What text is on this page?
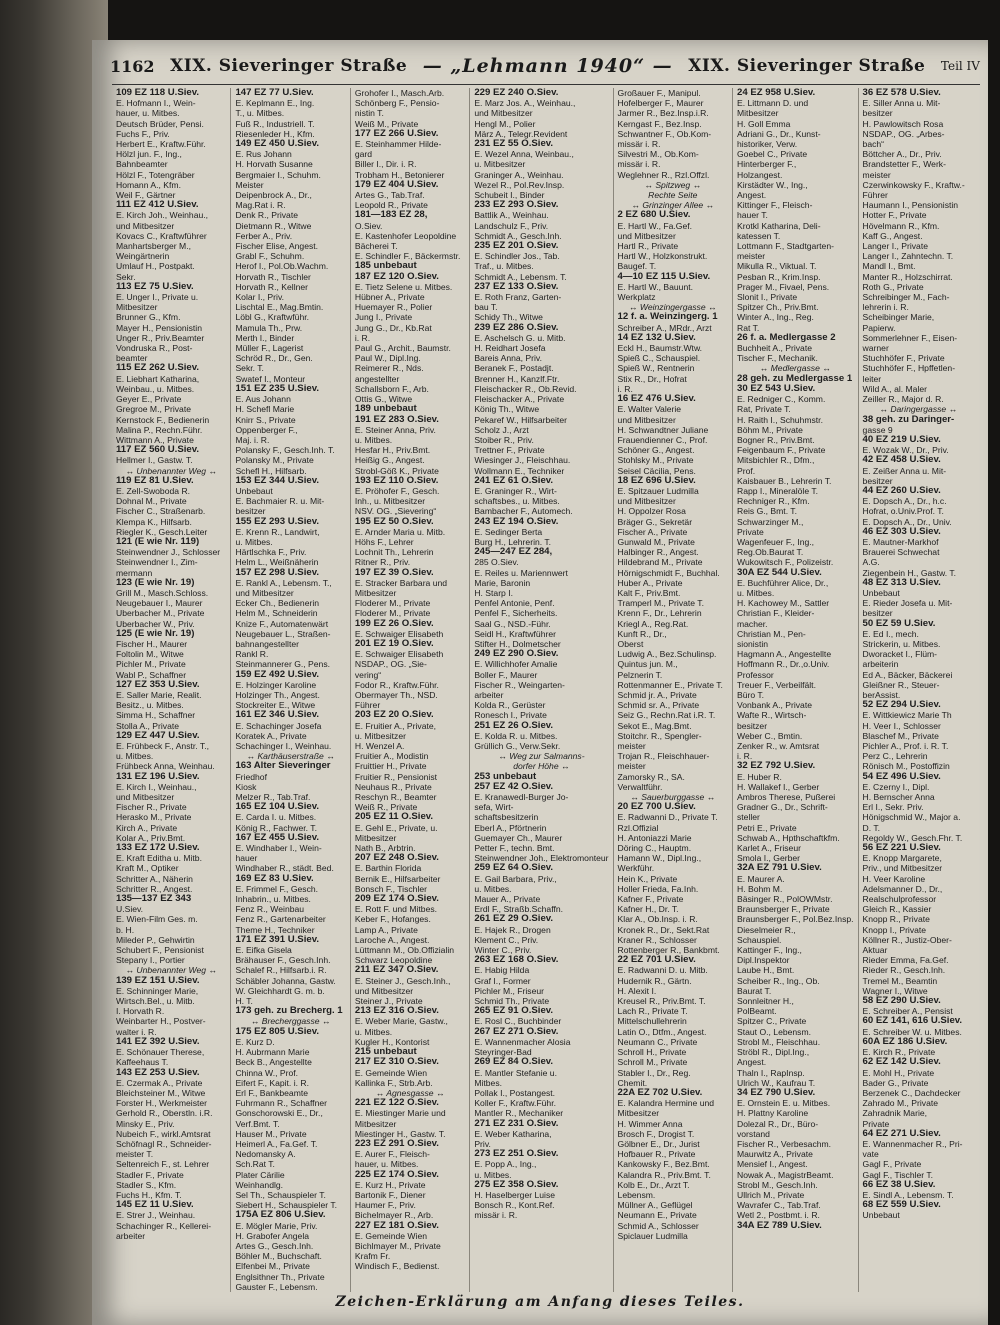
1162 XIX. Sieveringer Straße — „Lehmann 1940“ — XIX. Sieveringer Straße Teil IV
109 EZ 118 U.Siev.
E. Hofmann I., Wein-
hauer, u. Mitbes.
Deutsch Brüder, Pensi.
Fuchs F., Priv.
Herbert E., Kraftw.Führ.
Hölzl jun. F., Ing.,
Bahnbeamter
Hölzl F., Totengräber
Homann A., Kfm.
Weil F., Gärtner
111 EZ 412 U.Siev.
E. Kirch Joh., Weinhau.,
und Mitbesitzer
Kovacs C., Kraftwführer
Manhartsberger M.,
Weingärtnerin
Umlauf H., Postpakt.
Sekr.
113 EZ 75 U.Siev.
E. Unger I., Private u.
Mitbesitzer
Brunner G., Kfm.
Mayer H., Pensionistin
Unger R., Priv.Beamter
Vondruska R., Post-
beamter
115 EZ 262 U.Siev.
E. Liebhart Katharina,
Weinbau., u. Mitbes.
Geyer E., Private
Gregroe M., Private
Kernstock F., Bedienerin
Malina P., Rechn.Führ.
Wittmann A., Private
117 EZ 560 U.Siev.
Hellmer I., Gastw. T.
↔ Unbenannter Weg ↔
119 EZ 81 U.Siev.
E. Zell-Swoboda R.
Dohnal M., Private
Fischer C., Straßenarb.
Klempa K., Hilfsarb.
Riegler K., Gesch.Leiter
121 (E wie Nr. 119)
Steinwendner J., Schlosser
Steinwendner I., Zim-
mermann
123 (E wie Nr. 19)
Grill M., Masch.Schloss.
Neugebauer I., Maurer
Uberbacher M., Private
Uberbacher W., Priv.
125 (E wie Nr. 19)
Fischer H., Maurer
Foltolin M., Witwe
Pichler M., Private
Wabl P., Schaffner
127 EZ 353 U.Siev.
E. Saller Marie, Realit.
Besitz., u. Mitbes.
Simma H., Schaffner
Stolla A., Private
129 EZ 447 U.Siev.
E. Frühbeck F., Anstr. T.,
u. Mitbes.
Frühbeck Anna, Weinhau.
131 EZ 196 U.Siev.
E. Kirch I., Weinhau.,
und Mitbesitzer
Fischer R., Private
Herasko M., Private
Kirch A., Private
Kolar A., Priv.Bmt.
133 EZ 172 U.Siev.
E. Kraft Editha u. Mitb.
Kraft M., Optiker
Schritter A., Näherin
Schritter R., Angest.
135—137 EZ 343
U.Siev.
E. Wien-Film Ges. m.
b. H.
Mileder P., Gehwirtin
Schubert F., Pensionist
Stepany I., Portier
↔ Unbenannter Weg ↔
139 EZ 151 U.Siev.
E. Schinninger Marie,
Wirtsch.Bel., u. Mitb.
I. Horvath R.
Weinbarter H., Postver-
walter i. R.
141 EZ 392 U.Siev.
E. Schönauer Therese,
Kaffeehaus T.
143 EZ 253 U.Siev.
E. Czermak A., Private
Bleichsteiner M., Witwe
Forster H., Werkmeister
Gerhold R., Oberstln. i.R.
Minsky E., Priv.
Nubeich F., wirkl.Amtsrat
Schöfnagl R., Schneider-
meister T.
Seltenreich F., st. Lehrer
Stadler F., Private
Stadler S., Kfm.
Fuchs H., Kfm. T.
145 EZ 11 U.Siev.
E. Strer J., Weinhau.
Schachinger R., Kellerei-
arbeiter
147 EZ 77 U.Siev.
E. Keplmann E., Ing.
T., u. Mitbes.
Fuß R., Industriell. T.
Riesenleder H., Kfm.
149 EZ 450 U.Siev.
E. Rus Johann
H. Horvath Susanne
Bergmaier I., Schuhm.
Meister
Deipenbrock A., Dr.,
Mag.Rat i. R.
Denk R., Private
Dietmann R., Witwe
Ferber A., Priv.
Fischer Elise, Angest.
Grabl F., Schuhm.
Herof I., Pol.Ob.Wachm.
Horvath R., Tischler
Horvath R., Kellner
Kolar I., Priv.
Lischtal E., Mag.Bmtin.
Löbl G., Kraftwführ.
Mamula Th., Prw.
Merth I., Binder
Müller F., Lagerist
Schröd R., Dr., Gen.
Sekr. T.
Swatef I., Monteur
151 EZ 235 U.Siev.
E. Aus Johann
H. Schefl Marie
Knirr S., Private
Oppenberger F.,
Maj. i. R.
Polansky F., Gesch.Inh. T.
Polansky M., Private
Schefl H., Hilfsarb.
153 EZ 344 U.Siev.
Unbebaut
E. Bachmaier R. u. Mit-
besitzer
155 EZ 293 U.Siev.
E. Krenn R., Landwirt,
u. Mitbes.
Härtlschka F., Priv.
Helm L., Weißnäherin
157 EZ 298 U.Siev.
E. Rankl A., Lebensm. T.,
und Mitbesitzer
Ecker Ch., Bedienerin
Helm M., Schneiderin
Knize F., Automatenwärt
Neugebauer L., Straßen-
bahnangestellter
Rankl R.
Steinmannerer G., Pens.
159 EZ 492 U.Siev.
E. Holzinger Karoline
Holzinger Th., Angest.
Stockreiter E., Witwe
161 EZ 346 U.Siev.
E. Schachinger Josefa
Koratek A., Private
Schachinger I., Weinhau.
↔ Karthäuserstraße ↔
163 Alter Sieveringer
Friedhof
Kiosk
Melzer R., Tab.Traf.
165 EZ 104 U.Siev.
E. Carda I. u. Mitbes.
König R., Fachwer. T.
167 EZ 455 U.Siev.
E. Windhaber I., Wein-
hauer
Windhaber R., städt. Bed.
169 EZ 83 U.Siev.
E. Frimmel F., Gesch.
Inhabrin., u. Mitbes.
Fenz R., Weinbau
Fenz R., Gartenarbeiter
Theme H., Techniker
171 EZ 391 U.Siev.
E. Eifka Gisela
Brähauser F., Gesch.Inh.
Schalef R., Hilfsarb.i. R.
Schäbler Johanna, Gastw.
W. Gleichhardt G. m. b.
H. T.
173 geh. zu Brecherg. 1
↔ Brecherggasse ↔
175 EZ 805 U.Siev.
E. Kurz D.
H. Aubrmann Marie
Beck B., Angestellte
Chinna W., Prof.
Eifert F., Kapit. i. R.
Erl F., Bankbeamte
Fuhrmann R., Schaffner
Gonschorowski E., Dr.,
Verf.Bmt. T.
Hauser M., Private
Heimerl A., Fa.Gef. T.
Nedomansky A.
Sch.Rat T.
Plater Cärilie
Weinhandlg.
Sel Th., Schauspieler T.
Siebert H., Schauspieler T.
175A EZ 806 U.Siev.
E. Mögler Marie, Priv.
H. Grabofer Angela
Artes G., Gesch.Inh.
Böhler M., Buchschaft.
Elfenbei M., Private
Englsithner Th., Private
Gauster F., Lebensm.
Grohofer I., Masch.Arb.
Schönberg F., Pensio-
nistin T.
Weiß M., Private
177 EZ 266 U.Siev.
E. Steinhammer Hilde-
gard
Biller I., Dir. i. R.
Trobham H., Betonierer
179 EZ 404 U.Siev.
Artes G., Tab.Traf.
Leopold R., Private
181—183 EZ 28,
O.Siev.
E. Kastenhofer Leopoldine
Bächerei T.
E. Schindler F., Bäckermstr.
185 unbebaut
187 EZ 120 O.Siev.
E. Tietz Selene u. Mitbes.
Hübner A., Private
Huemayer R., Polier
Jung I., Private
Jung G., Dr., Kb.Rat
i. R.
Paul G., Archit., Baumstr.
Paul W., Dipl.Ing.
Reimerer R., Nds.
angestellter
Schallsborn F., Arb.
Ottis G., Witwe
189 unbebaut
191 EZ 283 O.Siev.
E. Steiner Anna, Priv.
u. Mitbes.
Hesfar H., Priv.Bmt.
Heißig G., Angest.
Strobl-Göß K., Private
193 EZ 110 O.Siev.
E. Pröhofer F., Gesch.
Inh., u. Mitbesitzer
NSV. OG. „Sievering“
195 EZ 50 O.Siev.
E. Arnder Maria u. Mitb.
Höhs F., Lehrer
Lochnit Th., Lehrerin
Ritner R., Priv.
197 EZ 39 O.Siev.
E. Stracker Barbara und
Mitbesitzer
Floderer M., Private
Floderer M., Private
199 EZ 26 O.Siev.
E. Schwaiger Elisabeth
201 EZ 19 O.Siev.
E. Schwaiger Elisabeth
NSDAP., OG. „Sie-
vering“
Fodor R., Kraftw.Führ.
Obermayer Th., NSD.
Führer
203 EZ 20 O.Siev.
E. Fruitier A., Private,
u. Mitbesitzer
H. Wenzel A.
Fruitier A., Modistin
Fruittier H., Private
Fruitier R., Pensionist
Neuhaus R., Private
Reschyn R., Beamter
Weiß R., Private
205 EZ 11 O.Siev.
E. Gehl E., Private, u.
Mitbesitzer
Nath B., Arbtrin.
207 EZ 248 O.Siev.
E. Barthin Florida
Bernik E., Hilfsarbeiter
Bonsch F., Tischler
209 EZ 174 O.Siev.
E. Rott F. und Mitbes.
Keber F., Hofanges.
Lamp A., Private
Laroche A., Angest.
Lüttmann M., Ob.Offizialin
Schwarz Leopoldine
211 EZ 347 O.Siev.
E. Steiner J., Gesch.Inh.,
und Mitbesitzer
Steiner J., Private
213 EZ 316 O.Siev.
E. Weber Marie, Gastw.,
u. Mitbes.
Kugler H., Kontorist
215 unbebaut
217 EZ 310 O.Siev.
E. Gemeinde Wien
Kallinka F., Strb.Arb.
↔ Agnesgasse ↔
221 EZ 122 O.Siev.
E. Miestinger Marie und
Mitbesitzer
Miestinger H., Gastw. T.
223 EZ 291 O.Siev.
E. Aurer F., Fleisch-
hauer, u. Mitbes.
225 EZ 174 O.Siev.
E. Kurz H., Private
Bartonik F., Diener
Haumer F., Priv.
Bichelmayer R., Arb.
227 EZ 181 O.Siev.
E. Gemeinde Wien
Bichlmayer M., Private
Krafm Fr.
Windisch F., Bedienst.
229 EZ 240 O.Siev.
E. Marz Jos. A., Weinhau.,
und Mitbesitzer
Hengl M., Polier
März A., Telegr.Revident
231 EZ 55 O.Siev.
E. Wezel Anna, Weinbau.,
u. Mitbesitzer
Graninger A., Weinhau.
Wezel R., Pol.Rev.Insp.
Schubeit I., Binder
233 EZ 293 O.Siev.
Battlik A., Weinhau.
Landschulz F., Priv.
Schmidt A., Gesch.Inh.
235 EZ 201 O.Siev.
E. Schindler Jos., Tab.
Traf., u. Mitbes.
Schmidt A., Lebensm. T.
237 EZ 133 O.Siev.
E. Roth Franz, Garten-
bau T.
Schidy Th., Witwe
239 EZ 286 O.Siev.
E. Aschelsch G. u. Mitb.
H. Reidhart Josefa
Bareis Anna, Priv.
Beranek F., Postadjt.
Brenner H., Kanzlf.Ftr.
Fleischacker R., Ob.Revid.
Fleischacker A., Private
König Th., Witwe
Pekaref W., Hilfsarbeiter
Scholz J., Arzt
Stoiber R., Priv.
Trettner F., Private
Wiesinger J., Fleischhau.
Wollmann E., Techniker
241 EZ 61 O.Siev.
E. Graninger R., Wirt-
schaftsbes., u. Mitbes.
Bambacher F., Automech.
243 EZ 194 O.Siev.
E. Sedinger Berta
Burg H., Lehrerin. T.
245—247 EZ 284,
285 O.Siev.
E. Reiles u. Mariennwert
Marie, Baronin
H. Starp I.
Penfel Antonie, Penf.
Penfel F., Sicherheits.
Saal G., NSD.-Führ.
Seidl H., Kraftwführer
Stifter H., Dolmetscher
249 EZ 290 O.Siev.
E. Willichhofer Amalie
Boller F., Maurer
Fischer R., Weingarten-
arbeiter
Kolda R., Gerüster
Ronesch I., Private
251 EZ 26 O.Siev.
E. Kolda R. u. Mitbes.
Grüllich G., Verw.Sekr.
↔ Weg zur Salmanns-
dorfer Höhe ↔
253 unbebaut
257 EZ 42 O.Siev.
E. Kranawedl-Burger Jo-
sefa, Wirt-
schaftsbesitzerin
Eberl A., Pförtnerin
Guemayer Ch., Maurer
Petter F., techn. Bmt.
Steinwendner Joh., Elektromonteur
259 EZ 64 O.Siev.
E. Gail Barbara, Priv.,
u. Mitbes.
Mauer A., Private
Erdl F., Straßb.Schaffn.
261 EZ 29 O.Siev.
E. Hajek R., Drogen
Klement C., Priv.
Winter C., Priv.
263 EZ 168 O.Siev.
E. Habig Hilda
Graf I., Former
Pichler M., Friseur
Schmid Th., Private
265 EZ 91 O.Siev.
E. Rosl C., Buchbinder
267 EZ 271 O.Siev.
E. Wannenmacher Alosia
Steyringer-Bad
269 EZ 84 O.Siev.
E. Mantler Stefanie u.
Mitbes.
Pollak I., Postangest.
Koller F., Kraftw.Führ.
Mantler R., Mechaniker
271 EZ 231 O.Siev.
E. Weber Katharina,
Priv.
273 EZ 251 O.Siev.
E. Popp A., Ing.,
u. Mitbes.
275 EZ 358 O.Siev.
H. Haselberger Luise
Bonsch R., Kont.Ref.
missär i. R.
Großauer F., Manipul.
Hofelberger F., Maurer
Jarmer R., Bez.Insp.i.R.
Kerngast F., Bez.Insp.
Schwantner F., Ob.Kom-
missär i. R.
Silvestri M., Ob.Kom-
missär i. R.
Weglehner R., Rzl.Offzl.
↔ Spitzweg ↔
Rechte Seite
↔ Grinzinger Allee ↔
2 EZ 680 U.Siev.
E. Hartl W., Fa.Gef.
und Mitbesitzer
Hartl R., Private
Hartl W., Holzkonstrukt.
Baugef. T.
4—10 EZ 115 U.Siev.
E. Hartl W., Bauunt.
Werkplatz
↔ Weinzingergasse ↔
12 f. a. Weinzingerg. 1
Schreiber A., MRdr., Arzt
14 EZ 132 U.Siev.
Eckl H., Baumstr.Wtw.
Spieß C., Schauspiel.
Spieß W., Rentnerin
Stix R., Dr., Hofrat
i. R.
16 EZ 476 U.Siev.
E. Walter Valerie
und Mitbesitzer
H. Schwandtner Juliane
Frauendienner C., Prof.
Schöner G., Angest.
Stohlsky M., Private
Seisel Cäcilia, Pens.
18 EZ 696 U.Siev.
E. Spitzauer Ludmilla
und Mitbesitzer
H. Oppolzer Rosa
Bräger G., Sekretär
Fischer A., Private
Gunwald M., Private
Halbinger R., Angest.
Hildebrand M., Private
Hörnigschmidt F., Buchhal.
Huber A., Private
Kalt F., Priv.Bmt.
Tramperl M., Private T.
Krenn F., Dr., Lehrerin
Kriegl A., Reg.Rat.
Kunft R., Dr.,
Oberst
Ludwig A., Bez.Schulinsp.
Quintus jun. M.,
Pelznerin T.
Rottenmanner E., Private T.
Schmid jr. A., Private
Schmid sr. A., Private
Seiz G., Rechn.Rat i.R. T.
Sekot E., Mag.Bmt.
Stoitchr. R., Spengler-
meister
Trojan R., Fleischhauer-
meister
Zamorsky R., SA.
Verwaltführ.
↔ Sauerburggasse ↔
20 EZ 700 U.Siev.
E. Radwanni D., Private T.
Rzl.Offizial
H. Antoniazzi Marie
Döring C., Hauptm.
Hamann W., Dipl.Ing.,
Werkführ.
Hein K., Private
Holler Frieda, Fa.Inh.
Kafner F., Private
Kafner H., Dr. T.
Klar A., Ob.Insp. i. R.
Kronek R., Dr., Sekt.Rat
Kraner R., Schlosser
Rottenberger R., Bankbmt.
22 EZ 701 U.Siev.
E. Radwanni D. u. Mitb.
Hudernik R., Gärtn.
H. Alexit I.
Kreusel R., Priv.Bmt. T.
Lach R., Private T.
Mittelschullehrerin
Latin O., Dtfm., Angest.
Neumann C., Private
Schroll H., Private
Schroll M., Private
Stabler I., Dr., Reg.
Chemit.
22A EZ 702 U.Siev.
E. Kalandra Hermine und
Mitbesitzer
H. Wimmer Anna
Brosch F., Drogist T.
Gölbner E., Dr., Jurist
Hofbauer R., Private
Kankowsky F., Bez.Bmt.
Kalandra R., Priv.Bmt. T.
Kolb E., Dr., Arzt T.
Lebensm.
Müllner A., Geflügel
Neumann E., Private
Schmid A., Schlosser
Spiclauer Ludmilla
24 EZ 958 U.Siev.
E. Littmann D. und
Mitbesitzer
H. Goll Emma
Adriani G., Dr., Kunst-
historiker, Verw.
Goebel C., Private
Hinterberger F.,
Holzangest.
Kirstädter W., Ing.,
Angest.
Kittinger F., Fleisch-
hauer T.
Krotkl Katharina, Deli-
katessen T.
Lottmann F., Stadtgarten-
meister
Mikulla R., Viktual. T.
Pesban R., Krim.Insp.
Prager M., Fivael, Pens.
Slonit I., Private
Spitzer Ch., Priv.Bmt.
Winter A., Ing., Reg.
Rat T.
26 f. a. Medlergasse 2
Buchheit A., Private
Tischer F., Mechanik.
↔ Medlergasse ↔
28 geh. zu Medlergasse 1
30 EZ 543 U.Siev.
E. Redniger C., Komm.
Rat, Private T.
H. Raith I., Schuhmstr.
Böhm M., Private
Bogner R., Priv.Bmt.
Feigenbaum F., Private
Mitsbichler R., Dfm.,
Prof.
Kaisbauer B., Lehrerin T.
Rapp I., Mineralöle T.
Rechniger R., Kfm.
Reis G., Bmt. T.
Schwarzinger M.,
Private
Wagenfeuer F., Ing.,
Reg.Ob.Baurat T.
Wukowitsch F., Polizeistr.
30A EZ 544 U.Siev.
E. Buchführer Alice, Dr.,
u. Mitbes.
H. Kachowey M., Sattler
Christian F., Kleider-
macher.
Christian M., Pen-
sionistin
Hagmann A., Angestellte
Hoffmann R., Dr.,o.Univ.
Professor
Treuer F., Verbeilfält.
Büro T.
Vonbank A., Private
Wafte R., Wirtsch-
besitzer
Weber C., Bmtin.
Zenker R., w. Amtsrat
i. R.
32 EZ 792 U.Siev.
E. Huber R.
H. Wallakef I., Gerber
Ambros Therese, Pußerei
Gradner G., Dr., Schrift-
steller
Petri E., Private
Schwab A., Hpthschaftkfm.
Karlet A., Friseur
Smola I., Gerber
32A EZ 791 U.Siev.
E. Maurer A.
H. Bohm M.
Bäsinger R., PolOWMstr.
Braunsberger F., Private
Braunsberger F., Pol.Bez.Insp.
Dieselmeier R.,
Schauspiel.
Kattinger F., Ing.,
Dipl.Inspektor
Laube H., Bmt.
Scheiber R., Ing., Ob.
Baurat T.
Sonnleitner H.,
PolBeamt.
Spitzer C., Private
Staut O., Lebensm.
Strobl M., Fleischhau.
Ströbl R., Dipl.Ing.,
Angest.
Thaln I., RapInsp.
Ulrich W., Kaufrau T.
34 EZ 790 U.Siev.
E. Ornstein E. u. Mitbes.
H. Plattny Karoline
Dolezal R., Dr., Büro-
vorstand
Fischer R., Verbesachm.
Maurwitz A., Private
Mensief I., Angest.
Nowak A., MagistrBeamt.
Strobl M., Gesch.Inh.
Ullrich M., Private
Wavrafer C., Tab.Traf.
Wetl 2., Postbmt. i. R.
34A EZ 789 U.Siev.
36 EZ 578 U.Siev.
E. Siller Anna u. Mit-
besitzer
H. Pawlowitsch Rosa
NSDAP., OG. „Arbes-
bach“
Böttcher A., Dr., Priv.
Brandstetter F., Werk-
meister
Czerwinkowsky F., Kraftw.-
Führer
Haumann I., Pensionistin
Hotter F., Private
Hövelmann R., Kfm.
Kaff G., Angest.
Langer I., Private
Langer I., Zahntechn. T.
Mandl I., Bmt.
Manter R., Holzschirrat.
Roth G., Private
Schreibinger M., Fach-
lehrerin i. R.
Scheibinger Marie,
Papierw.
Sommerlehner F., Eisen-
warner
Stuchhöfer F., Private
Stuchhöfer F., Hpffetlen-
leiter
Wild A., al. Maler
Zeiller R., Major d. R.
↔ Daringergasse ↔
38 geh. zu Daringer-
gasse 9
40 EZ 219 U.Siev.
E. Wozak W., Dr., Priv.
42 EZ 458 U.Siev.
E. Zeißer Anna u. Mit-
besitzer
44 EZ 260 U.Siev.
E. Dopsch A., Dr., h.c.
Hofrat, o.Univ.Prof. T.
E. Dopsch A., Dr., Univ.
46 EZ 303 U.Siev.
E. Mautner-Markhof
Brauerei Schwechat
A.G.
Ziegenbein H., Gastw. T.
48 EZ 313 U.Siev.
Unbebaut
E. Rieder Josefa u. Mit-
besitzer
50 EZ 59 U.Siev.
E. Ed I., mech.
Strickerin, u. Mitbes.
Dworacket I., Flüm-
arbeiterin
Ed A., Bäcker, Bäckerei
Gleißner R., Steuer-
berAssist.
52 EZ 294 U.Siev.
E. Wittkiewicz Marie Th
H. Veer I., Schlosser
Blaschef M., Private
Pichler A., Prof. i. R. T.
Perz C., Lehrerin
Rönisch M., Postoffizin
54 EZ 496 U.Siev.
E. Czerny I., Dipl.
H. Bernscher Anna
Erl I., Sekr. Priv.
Hönigschmid W., Major a.
D. T.
Regoldy W., Gesch.Fhr. T.
56 EZ 221 U.Siev.
E. Knopp Margarete,
Priv., und Mitbesitzer
H. Veer Karoline
Adelsmanner D., Dr.,
Realschulprofessor
Gleich R., Kassier
Knopp R., Private
Knopp I., Private
Köllner R., Justiz-Ober-
Aktuar
Rieder Emma, Fa.Gef.
Rieder R., Gesch.Inh.
Tremel M., Beamtin
Wagner I., Witwe
58 EZ 290 U.Siev.
E. Schreiber A., Pensist
60 EZ 141, 616 U.Siev.
E. Schreiber W. u. Mitbes.
60A EZ 186 U.Siev.
E. Kirch R., Private
62 EZ 142 U.Siev.
E. Mohl H., Private
Bader G., Private
Berzenek C., Dachdecker
Zahrado M., Private
Zahradnik Marie,
Private
64 EZ 271 U.Siev.
E. Wannenmacher R., Pri-
vate
Gagl F., Private
Gagl F., Tischler T.
66 EZ 38 U.Siev.
E. Sindl A., Lebensm. T.
68 EZ 559 U.Siev.
Unbebaut
Zeichen-Erklärung am Anfang dieses Teiles.
